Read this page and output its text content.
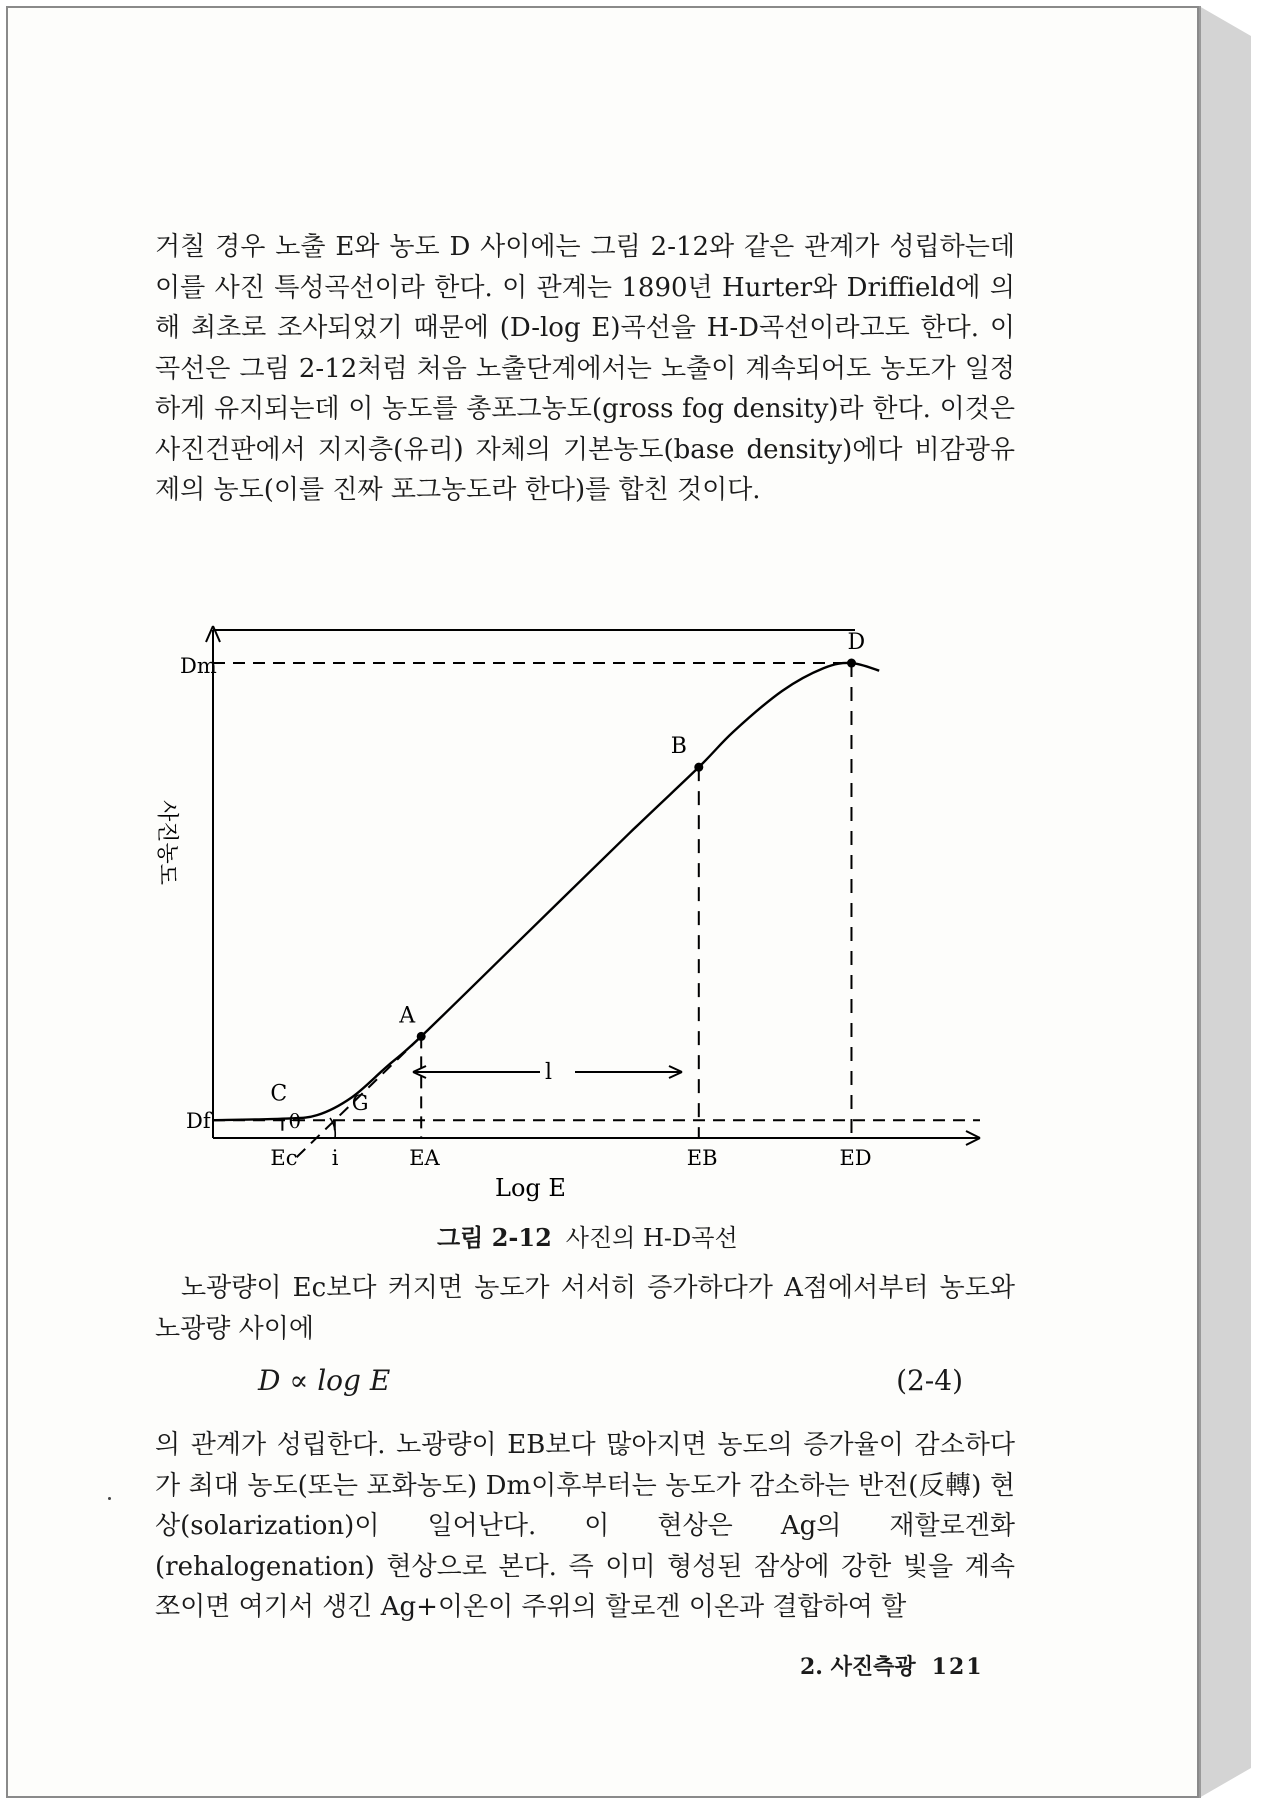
거칠 경우 노출 E와 농도 D 사이에는 그림 2-12와 같은 관계가 성립하는데 이를 사진 특성곡선이라 한다. 이 관계는 1890년 Hurter와 Driffield에 의해 최초로 조사되었기 때문에 (D-log E)곡선을 H-D곡선이라고도 한다. 이 곡선은 그림 2-12처럼 처음 노출단계에서는 노출이 계속되어도 농도가 일정하게 유지되는데 이 농도를 총포그농도(gross fog density)라 한다. 이것은 사진건판에서 지지층(유리) 자체의 기본농도(base density)에다 비감광유제의 농도(이를 진짜 포그농도라 한다)를 합친 것이다.

사진농도
Log E
C
A
B
D
Df
Dm
Ec i	EA	EB	ED
G
θ
l
그림 2-12 사진의 H-D곡선

노광량이 Ec보다 커지면 농도가 서서히 증가하다가 A점에서부터 농도와 노광량 사이에

D ∝ log E	(2-4)

의 관계가 성립한다. 노광량이 EB보다 많아지면 농도의 증가율이 감소하다가 최대 농도(또는 포화농도) Dm이후부터는 농도가 감소하는 반전(反轉) 현상(solarization)이 일어난다. 이 현상은 Ag의 재할로겐화(rehalogenation) 현상으로 본다. 즉 이미 형성된 잠상에 강한 빛을 계속 쪼이면 여기서 생긴 Ag+이온이 주위의 할로겐 이온과 결합하여 할

2. 사진측광 121
